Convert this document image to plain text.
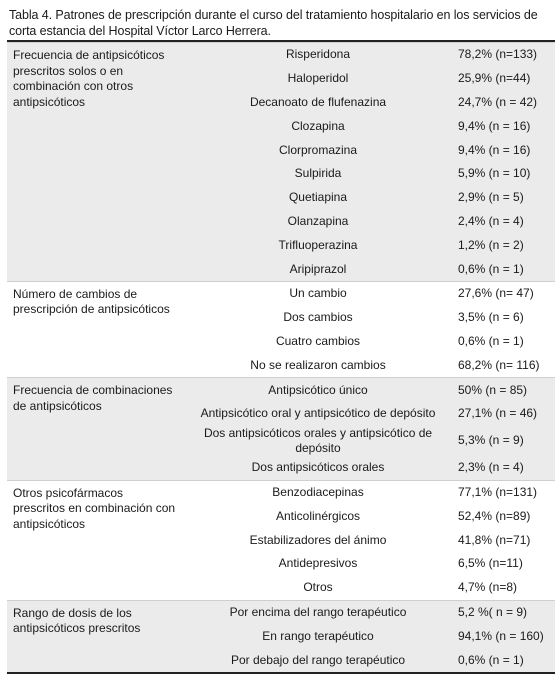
Tabla 4. Patrones de prescripción durante el curso del tratamiento hospitalario en los servicios de corta estancia del Hospital Víctor Larco Herrera.
Frecuencia de antipsicóticos prescritos solos o en combinación con otros antipsicóticos	Risperidona	78,2% (n=133)
	Haloperidol	25,9% (n=44)
	Decanoato de flufenazina	24,7% (n = 42)
	Clozapina	9,4% (n = 16)
	Clorpromazina	9,4% (n = 16)
	Sulpirida	5,9% (n = 10)
	Quetiapina	2,9% (n = 5)
	Olanzapina	2,4% (n = 4)
	Trifluoperazina	1,2% (n = 2)
	Aripiprazol	0,6% (n = 1)
Número de cambios de prescripción de antipsicóticos	Un cambio	27,6% (n= 47)
	Dos cambios	3,5% (n = 6)
	Cuatro cambios	0,6% (n = 1)
	No se realizaron cambios	68,2% (n= 116)
Frecuencia de combinaciones de antipsicóticos	Antipsicótico único	50% (n = 85)
	Antipsicótico oral y antipsicótico de depósito	27,1% (n = 46)
	Dos antipsicóticos orales y antipsicótico de depósito	5,3% (n = 9)
	Dos antipsicóticos orales	2,3% (n = 4)
Otros psicofármacos prescritos en combinación con antipsicóticos	Benzodiacepinas	77,1% (n=131)
	Anticolinérgicos	52,4% (n=89)
	Estabilizadores del ánimo	41,8% (n=71)
	Antidepresivos	6,5% (n=11)
	Otros	4,7% (n=8)
Rango de dosis de los antipsicóticos prescritos	Por encima del rango terapéutico	5,2 %( n = 9)
	En rango terapéutico	94,1% (n = 160)
	Por debajo del rango terapéutico	0,6% (n = 1)
